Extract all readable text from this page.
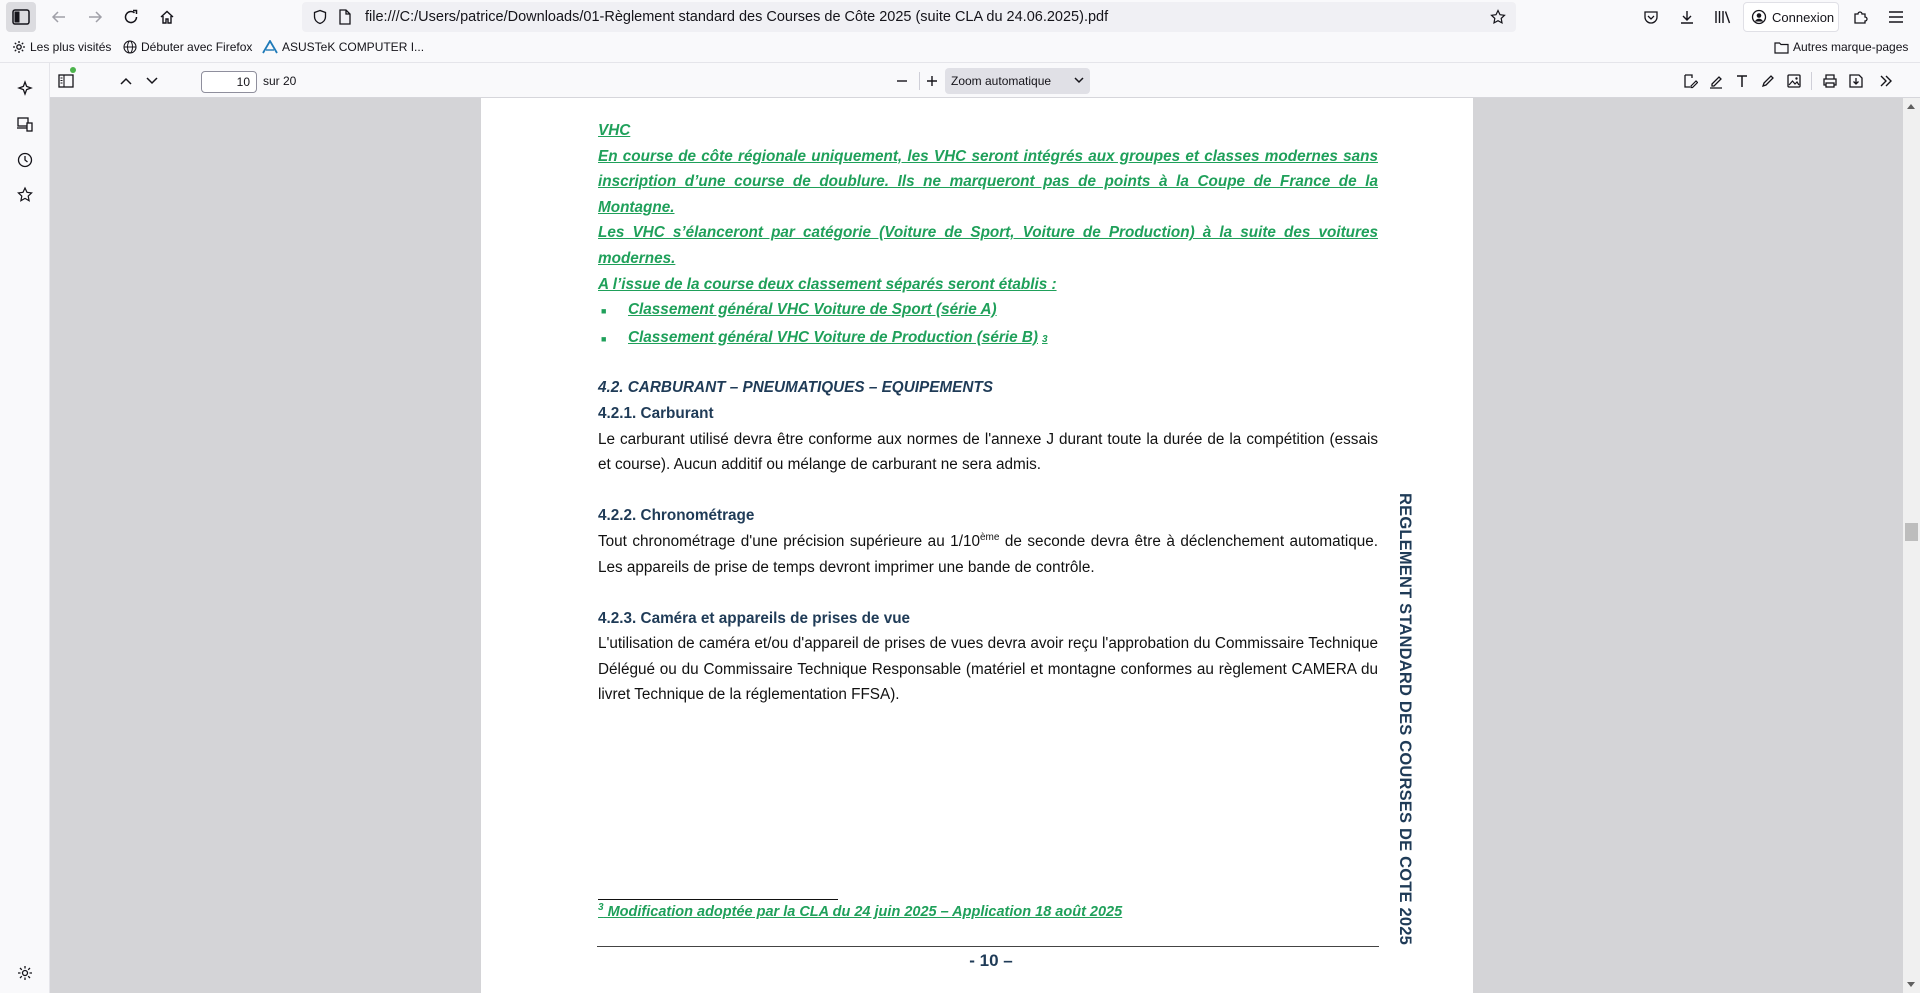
file:///C:/Users/patrice/Downloads/01-Règlement standard des Courses de Côte 2025 (suite CLA du 24.06.2025).pdf	Connexion
Les plus visités Débuter avec Firefox ASUSTeK COMPUTER I...	Autres marque-pages
10	sur 20	Zoom automatique
VHC
En course de côte régionale uniquement, les VHC seront intégrés aux groupes et classes modernes sans inscription d’une course de doublure. Ils ne marqueront pas de points à la Coupe de France de la Montagne.
Les VHC s’élanceront par catégorie (Voiture de Sport, Voiture de Production) à la suite des voitures modernes.
A l’issue de la course deux classement séparés seront établis :
■	Classement général VHC Voiture de Sport (série A)
■	Classement général VHC Voiture de Production (série B) 3
4.2. CARBURANT – PNEUMATIQUES – EQUIPEMENTS
4.2.1. Carburant
Le carburant utilisé devra être conforme aux normes de l'annexe J durant toute la durée de la compétition (essais et course). Aucun additif ou mélange de carburant ne sera admis.
4.2.2. Chronométrage
Tout chronométrage d'une précision supérieure au 1/10ème de seconde devra être à déclenchement automatique. Les appareils de prise de temps devront imprimer une bande de contrôle.
4.2.3. Caméra et appareils de prises de vue
L'utilisation de caméra et/ou d'appareil de prises de vues devra avoir reçu l'approbation du Commissaire Technique Délégué ou du Commissaire Technique Responsable (matériel et montagne conformes au règlement CAMERA du livret Technique de la réglementation FFSA).
$^3$ Modification adoptée par la CLA du 24 juin 2025 – Application 18 août 2025
- 10 –
REGLEMENT STANDARD DES COURSES DE COTE 2025
